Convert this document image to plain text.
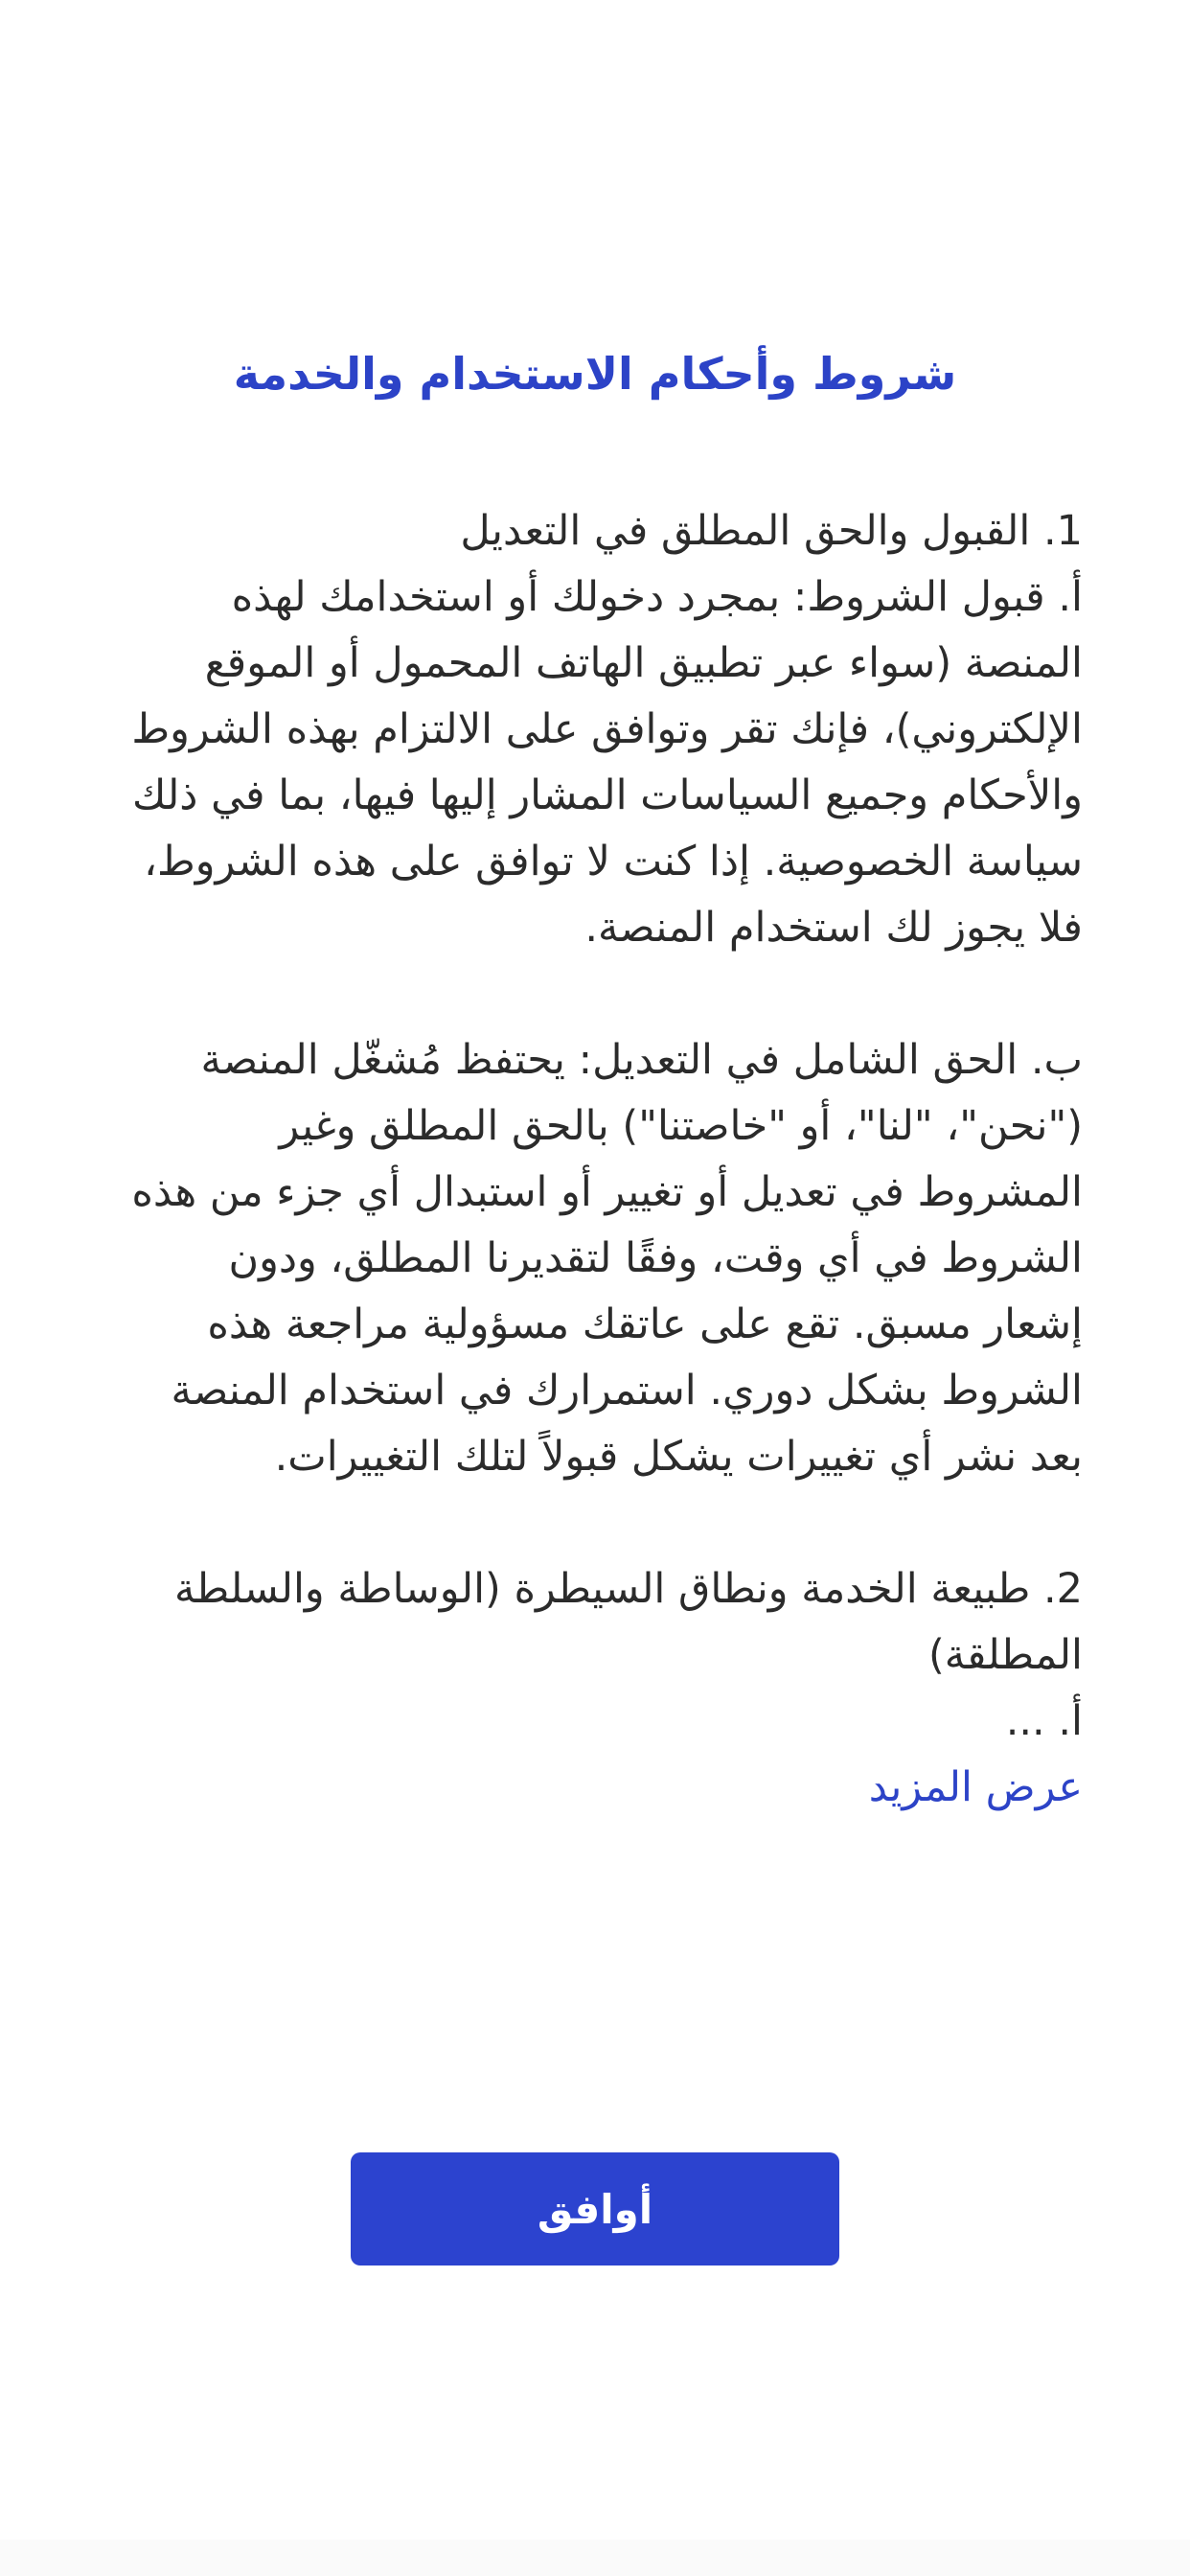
شروط وأحكام الاستخدام والخدمة

1. القبول والحق المطلق في التعديل

أ. قبول الشروط: بمجرد دخولك أو استخدامك لهذه المنصة (سواء عبر تطبيق الهاتف المحمول أو الموقع الإلكتروني)، فإنك تقر وتوافق على الالتزام بهذه الشروط والأحكام وجميع السياسات المشار إليها فيها، بما في ذلك سياسة الخصوصية. إذا كنت لا توافق على هذه الشروط، فلا يجوز لك استخدام المنصة.

ب. الحق الشامل في التعديل: يحتفظ مُشغّل المنصة ("نحن"، "لنا"، أو "خاصتنا") بالحق المطلق وغير المشروط في تعديل أو تغيير أو استبدال أي جزء من هذه الشروط في أي وقت، وفقًا لتقديرنا المطلق، ودون إشعار مسبق. تقع على عاتقك مسؤولية مراجعة هذه الشروط بشكل دوري. استمرارك في استخدام المنصة بعد نشر أي تغييرات يشكل قبولاً لتلك التغييرات.

2. طبيعة الخدمة ونطاق السيطرة (الوساطة والسلطة المطلقة)

أ. ...

عرض المزيد
أوافق
